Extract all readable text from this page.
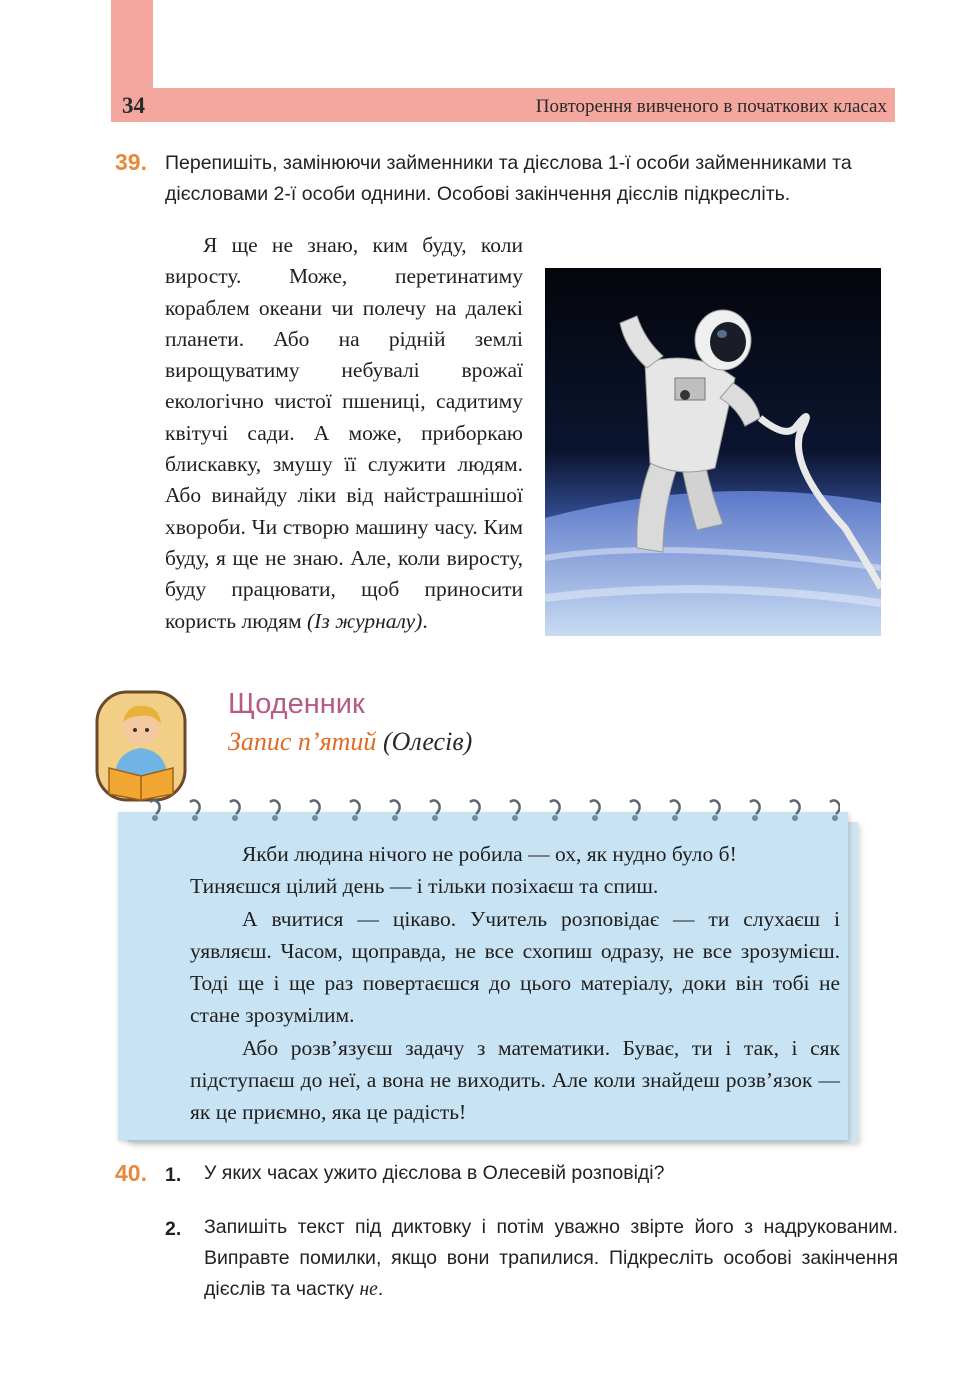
34	Повторення вивченого в початкових класах
39. Перепишіть, замінюючи займенники та дієслова 1-ї особи займенниками та дієсловами 2-ї особи однини. Особові закінчення дієслів підкресліть.
Я ще не знаю, ким буду, коли виросту. Може, перетинатиму кораблем океани чи полечу на далекі планети. Або на рідній землі вирощуватиму небувалі врожаї екологічно чистої пшениці, садитиму квітучі сади. А може, приборкаю блискавку, змушу її служити людям. Або винайду ліки від найстрашнішої хвороби. Чи створю машину часу. Ким буду, я ще не знаю. Але, коли виросту, буду працювати, щоб приносити користь людям (Із журналу).
Щоденник
Запис п’ятий (Олесів)
Якби людина нічого не робила — ох, як нудно було б!
Тиняєшся цілий день — і тільки позіхаєш та спиш.
А вчитися — цікаво. Учитель розповідає — ти слухаєш і уявляєш. Часом, щоправда, не все схопиш одразу, не все зрозумієш. Тоді ще і ще раз повертаєшся до цього матеріалу, доки він тобі не стане зрозумілим.
Або розв’язуєш задачу з математики. Буває, ти і так, і сяк підступаєш до неї, а вона не виходить. Але коли знайдеш розв’язок — як це приємно, яка це радість!
40. 1. У яких часах ужито дієслова в Олесевій розповіді?
2. Запишіть текст під диктовку і потім уважно звірте його з надрукованим. Виправте помилки, якщо вони трапилися. Підкресліть особові закінчення дієслів та частку не.
